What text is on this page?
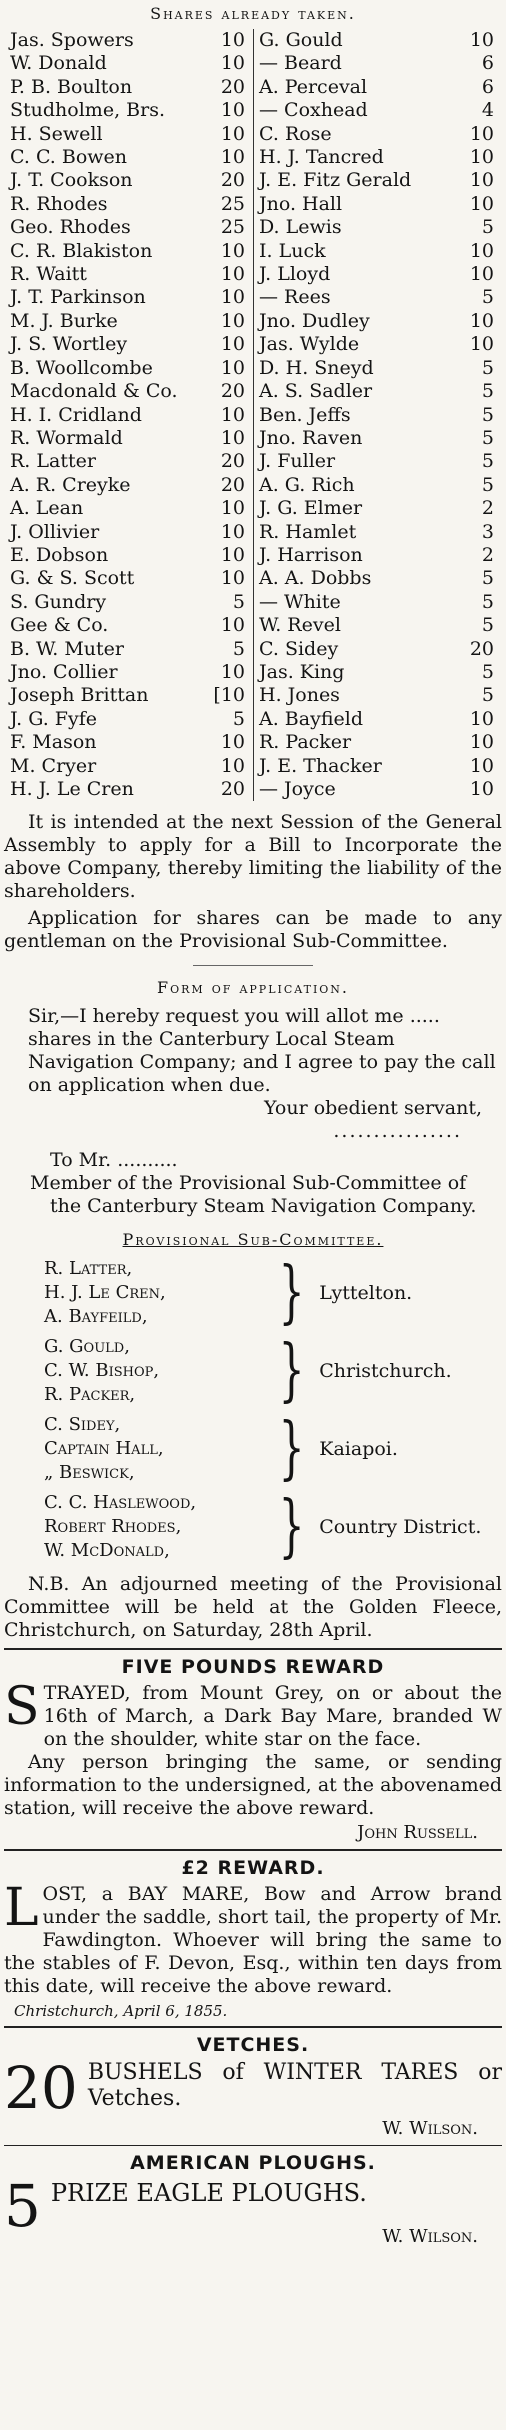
Shares already taken.
Jas. Spowers	10
W. Donald	10
P. B. Boulton	20
Studholme, Brs.	10
H. Sewell	10
C. C. Bowen	10
J. T. Cookson	20
R. Rhodes	25
Geo. Rhodes	25
C. R. Blakiston	10
R. Waitt	10
J. T. Parkinson	10
M. J. Burke	10
J. S. Wortley	10
B. Woollcombe	10
Macdonald & Co.	20
H. I. Cridland	10
R. Wormald	10
R. Latter	20
A. R. Creyke	20
A. Lean	10
J. Ollivier	10
E. Dobson	10
G. & S. Scott	10
S. Gundry	5
Gee & Co.	10
B. W. Muter	5
Jno. Collier	10
Joseph Brittan	[10
J. G. Fyfe	5
F. Mason	10
M. Cryer	10
H. J. Le Cren	20
G. Gould	10
— Beard	6
A. Perceval	6
— Coxhead	4
C. Rose	10
H. J. Tancred	10
J. E. Fitz Gerald	10
Jno. Hall	10
D. Lewis	5
I. Luck	10
J. Lloyd	10
— Rees	5
Jno. Dudley	10
Jas. Wylde	10
D. H. Sneyd	5
A. S. Sadler	5
Ben. Jeffs	5
Jno. Raven	5
J. Fuller	5
A. G. Rich	5
J. G. Elmer	2
R. Hamlet	3
J. Harrison	2
A. A. Dobbs	5
— White	5
W. Revel	5
C. Sidey	20
Jas. King	5
H. Jones	5
A. Bayfield	10
R. Packer	10
J. E. Thacker	10
— Joyce	10

It is intended at the next Session of the General Assembly to apply for a Bill to Incorporate the above Company, thereby limiting the liability of the shareholders.

Application for shares can be made to any gentleman on the Provisional Sub-Committee.

Form of application.

Sir,—I hereby request you will allot me ..... shares in the Canterbury Local Steam Navigation Company; and I agree to pay the call on application when due.

Your obedient servant,

................

To Mr. ..........

Member of the Provisional Sub-Committee of the Canterbury Steam Navigation Company.

Provisional Sub-Committee.
R. Latter,
H. J. Le Cren,
A. Bayfeild,	} Lyttelton.
G. Gould,
C. W. Bishop,
R. Packer,	} Christchurch.
C. Sidey,
Captain Hall,
„ Beswick,	} Kaiapoi.
C. C. Haslewood,
Robert Rhodes,
W. McDonald,	} Country District.

N.B. An adjourned meeting of the Provisional Committee will be held at the Golden Fleece, Christchurch, on Saturday, 28th April.

FIVE POUNDS REWARD

STRAYED, from Mount Grey, on or about the 16th of March, a Dark Bay Mare, branded W on the shoulder, white star on the face.

Any person bringing the same, or sending information to the undersigned, at the abovenamed station, will receive the above reward.

John Russell.
£2 REWARD.

LOST, a BAY MARE, Bow and Arrow brand under the saddle, short tail, the property of Mr. Fawdington. Whoever will bring the same to the stables of F. Devon, Esq., within ten days from this date, will receive the above reward.

Christchurch, April 6, 1855.
VETCHES.
20 BUSHELS of WINTER TARES or Vetches.
W. Wilson.
AMERICAN PLOUGHS.
5 PRIZE EAGLE PLOUGHS.
W. Wilson.
